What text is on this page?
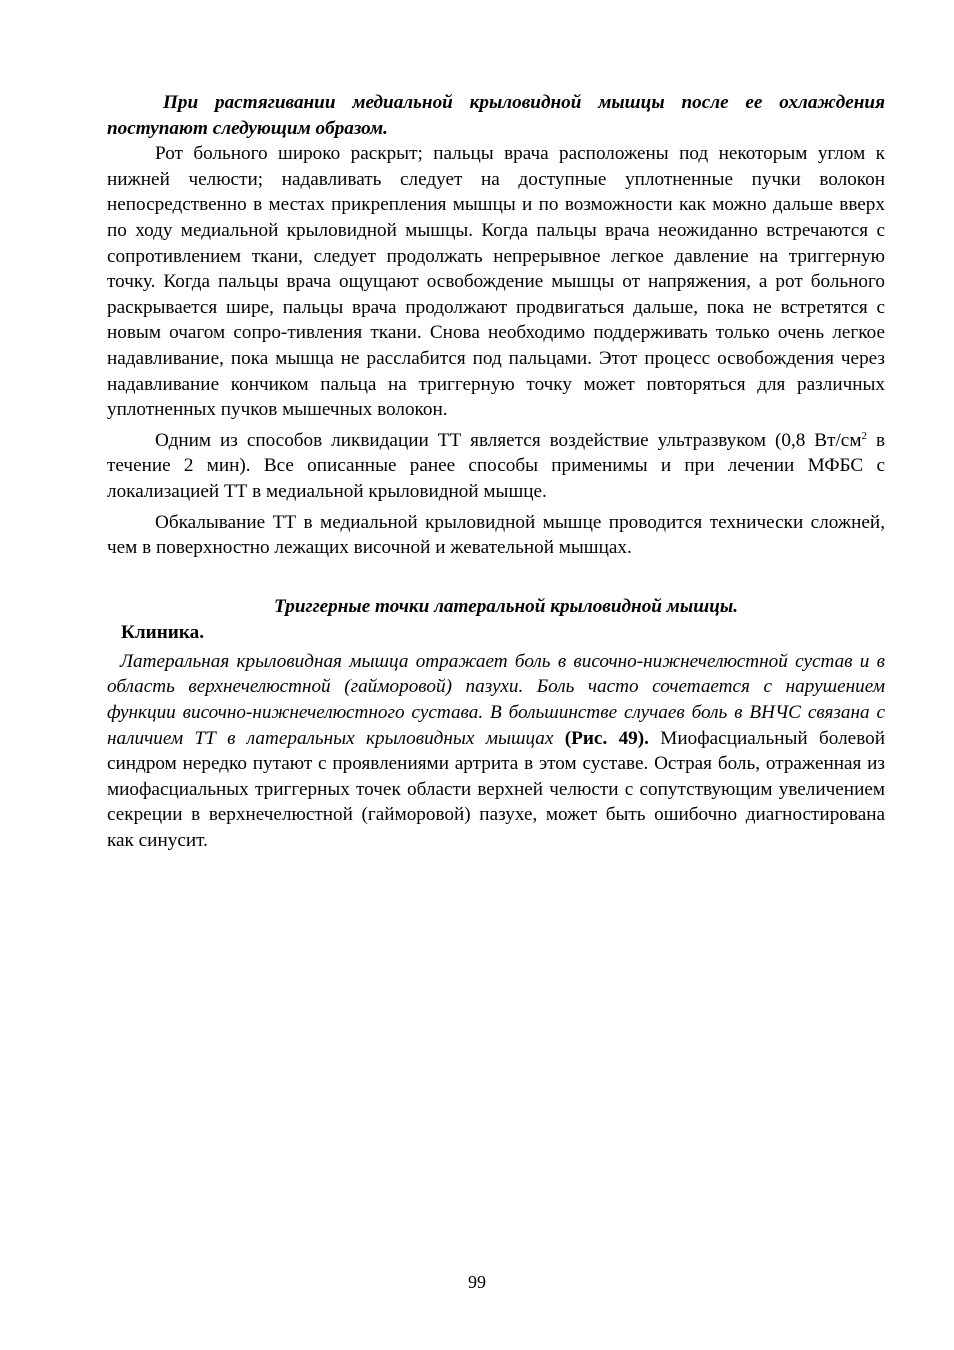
При растягивании медиальной крыловидной мышцы после ее охлаждения поступают следующим образом.

Рот больного широко раскрыт; пальцы врача расположены под некоторым углом к нижней челюсти; надавливать следует на доступные уплотненные пучки волокон непосредственно в местах прикрепления мышцы и по возможности как можно дальше вверх по ходу медиальной крыловидной мышцы. Когда пальцы врача неожиданно встречаются с сопротивлением ткани, следует продолжать непрерывное легкое давление на триггерную точку. Когда пальцы врача ощущают освобождение мышцы от напряжения, а рот больного раскрывается шире, пальцы врача продолжают продвигаться дальше, пока не встретятся с новым очагом сопро-тивления ткани. Снова необходимо поддерживать только очень легкое надавливание, пока мышца не расслабится под пальцами. Этот процесс освобождения через надавливание кончиком пальца на триггерную точку может повторяться для различных уплотненных пучков мышечных волокон.

Одним из способов ликвидации ТТ является воздействие ультразвуком (0,8 $Вт/см^2$ в течение 2 мин). Все описанные ранее способы применимы и при лечении МФБС с локализацией ТТ в медиальной крыловидной мышце.

Обкалывание ТТ в медиальной крыловидной мышце проводится технически сложней, чем в поверхностно лежащих височной и жевательной мышцах.

Триггерные точки латеральной крыловидной мышцы.

Клиника.

Латеральная крыловидная мышца отражает боль в височно-нижнечелюстной сустав и в область верхнечелюстной (гайморовой) пазухи. Боль часто сочетается с нарушением функции височно-нижнечелюстного сустава. В большинстве случаев боль в ВНЧС связана с наличием ТТ в латеральных крыловидных мышцах (Рис. 49). Миофасциальный болевой синдром нередко путают с проявлениями артрита в этом суставе. Острая боль, отраженная из миофасциальных триггерных точек области верхней челюсти с сопутствующим увеличением секреции в верхнечелюстной (гайморовой) пазухе, может быть ошибочно диагностирована как синусит.

99
